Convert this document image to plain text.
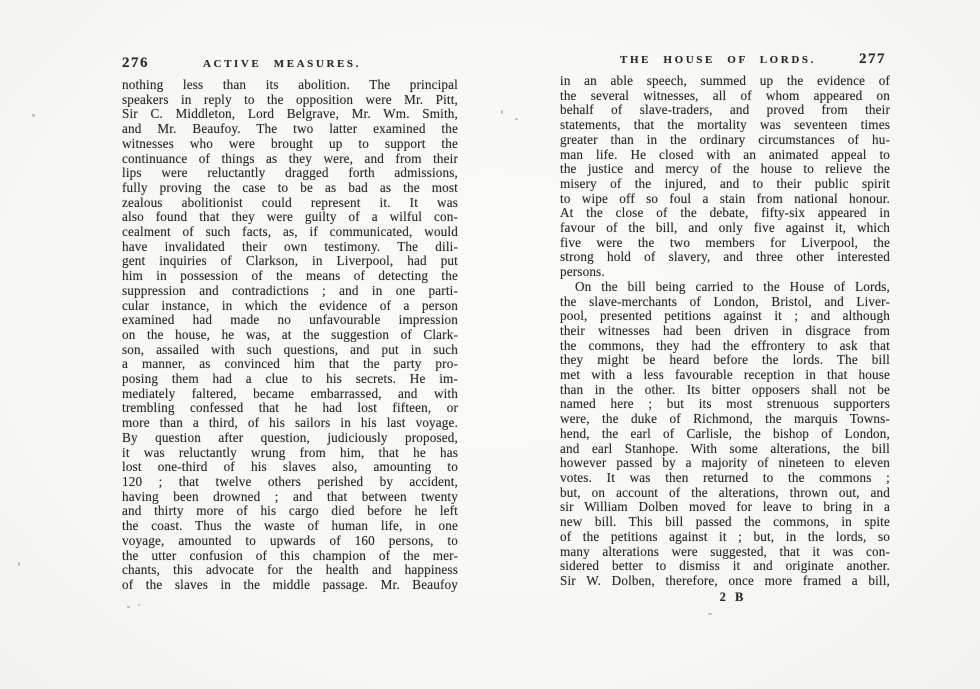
276	ACTIVE MEASURES.
nothing less than its abolition. The principal
speakers in reply to the opposition were Mr. Pitt,
Sir C. Middleton, Lord Belgrave, Mr. Wm. Smith,
and Mr. Beaufoy. The two latter examined the
witnesses who were brought up to support the
continuance of things as they were, and from their
lips were reluctantly dragged forth admissions,
fully proving the case to be as bad as the most
zealous abolitionist could represent it. It was
also found that they were guilty of a wilful con-
cealment of such facts, as, if communicated, would
have invalidated their own testimony. The dili-
gent inquiries of Clarkson, in Liverpool, had put
him in possession of the means of detecting the
suppression and contradictions ; and in one parti-
cular instance, in which the evidence of a person
examined had made no unfavourable impression
on the house, he was, at the suggestion of Clark-
son, assailed with such questions, and put in such
a manner, as convinced him that the party pro-
posing them had a clue to his secrets. He im-
mediately faltered, became embarrassed, and with
trembling confessed that he had lost fifteen, or
more than a third, of his sailors in his last voyage.
By question after question, judiciously proposed,
it was reluctantly wrung from him, that he has
lost one-third of his slaves also, amounting to
120 ; that twelve others perished by accident,
having been drowned ; and that between twenty
and thirty more of his cargo died before he left
the coast. Thus the waste of human life, in one
voyage, amounted to upwards of 160 persons, to
the utter confusion of this champion of the mer-
chants, this advocate for the health and happiness
of the slaves in the middle passage. Mr. Beaufoy
THE HOUSE OF LORDS.	277
in an able speech, summed up the evidence of
the several witnesses, all of whom appeared on
behalf of slave-traders, and proved from their
statements, that the mortality was seventeen times
greater than in the ordinary circumstances of hu-
man life. He closed with an animated appeal to
the justice and mercy of the house to relieve the
misery of the injured, and to their public spirit
to wipe off so foul a stain from national honour.
At the close of the debate, fifty-six appeared in
favour of the bill, and only five against it, which
five were the two members for Liverpool, the
strong hold of slavery, and three other interested
persons.
On the bill being carried to the House of Lords,
the slave-merchants of London, Bristol, and Liver-
pool, presented petitions against it ; and although
their witnesses had been driven in disgrace from
the commons, they had the effrontery to ask that
they might be heard before the lords. The bill
met with a less favourable reception in that house
than in the other. Its bitter opposers shall not be
named here ; but its most strenuous supporters
were, the duke of Richmond, the marquis Towns-
hend, the earl of Carlisle, the bishop of London,
and earl Stanhope. With some alterations, the bill
however passed by a majority of nineteen to eleven
votes. It was then returned to the commons ;
but, on account of the alterations, thrown out, and
sir William Dolben moved for leave to bring in a
new bill. This bill passed the commons, in spite
of the petitions against it ; but, in the lords, so
many alterations were suggested, that it was con-
sidered better to dismiss it and originate another.
Sir W. Dolben, therefore, once more framed a bill,
2 B
